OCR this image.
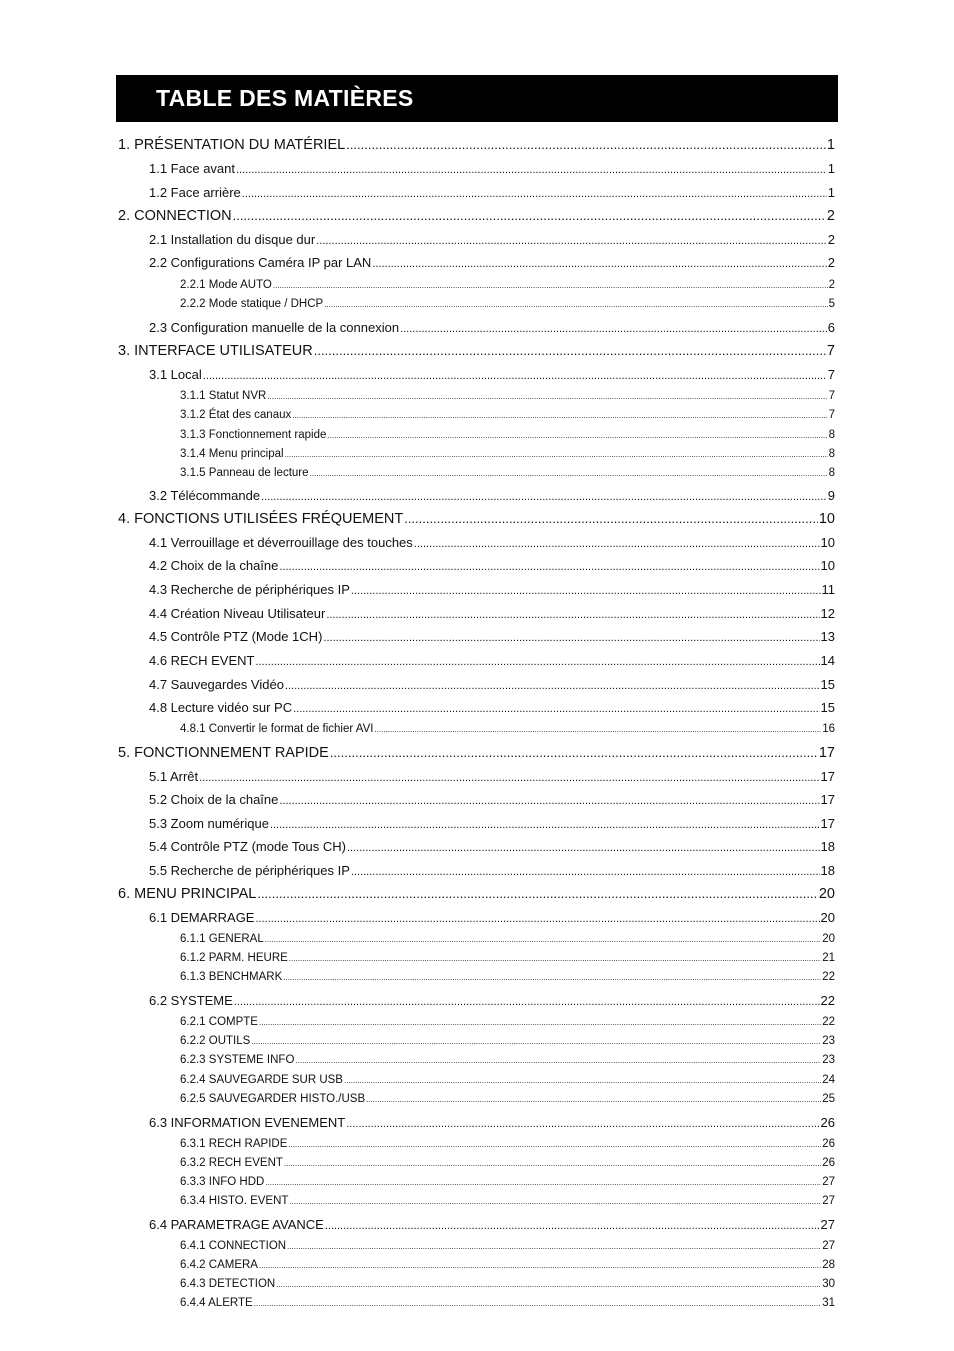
TABLE DES MATIÈRES
1. PRÉSENTATION DU MATÉRIEL .....	1
1.1 Face avant .....	1
1.2 Face arrière .....	1
2. CONNECTION .....	2
2.1 Installation du disque dur .....	2
2.2 Configurations Caméra IP par LAN .....	2
2.2.1 Mode AUTO .....	2
2.2.2 Mode statique / DHCP .....	5
2.3 Configuration manuelle de la connexion .....	6
3. INTERFACE UTILISATEUR .....	7
3.1 Local .....	7
3.1.1 Statut NVR .....	7
3.1.2 État des canaux .....	7
3.1.3 Fonctionnement rapide .....	8
3.1.4 Menu principal .....	8
3.1.5 Panneau de lecture .....	8
3.2 Télécommande .....	9
4. FONCTIONS UTILISÉES FRÉQUEMENT .....	10
4.1 Verrouillage et déverrouillage des touches .....	10
4.2 Choix de la chaîne .....	10
4.3 Recherche de périphériques IP .....	11
4.4 Création Niveau Utilisateur .....	12
4.5 Contrôle PTZ (Mode 1CH) .....	13
4.6 RECH EVENT .....	14
4.7 Sauvegardes Vidéo .....	15
4.8 Lecture vidéo sur PC .....	15
4.8.1 Convertir le format de fichier AVI .....	16
5. FONCTIONNEMENT RAPIDE .....	17
5.1 Arrêt .....	17
5.2 Choix de la chaîne .....	17
5.3 Zoom numérique .....	17
5.4 Contrôle PTZ (mode Tous CH) .....	18
5.5 Recherche de périphériques IP .....	18
6. MENU PRINCIPAL .....	20
6.1 DEMARRAGE .....	20
6.1.1 GENERAL .....	20
6.1.2 PARM. HEURE .....	21
6.1.3 BENCHMARK .....	22
6.2 SYSTEME .....	22
6.2.1 COMPTE .....	22
6.2.2 OUTILS .....	23
6.2.3 SYSTEME INFO .....	23
6.2.4 SAUVEGARDE SUR USB .....	24
6.2.5 SAUVEGARDER HISTO./USB .....	25
6.3 INFORMATION EVENEMENT .....	26
6.3.1 RECH RAPIDE .....	26
6.3.2 RECH EVENT .....	26
6.3.3 INFO HDD .....	27
6.3.4 HISTO. EVENT .....	27
6.4 PARAMETRAGE AVANCE .....	27
6.4.1 CONNECTION .....	27
6.4.2 CAMERA .....	28
6.4.3 DETECTION .....	30
6.4.4 ALERTE .....	31
